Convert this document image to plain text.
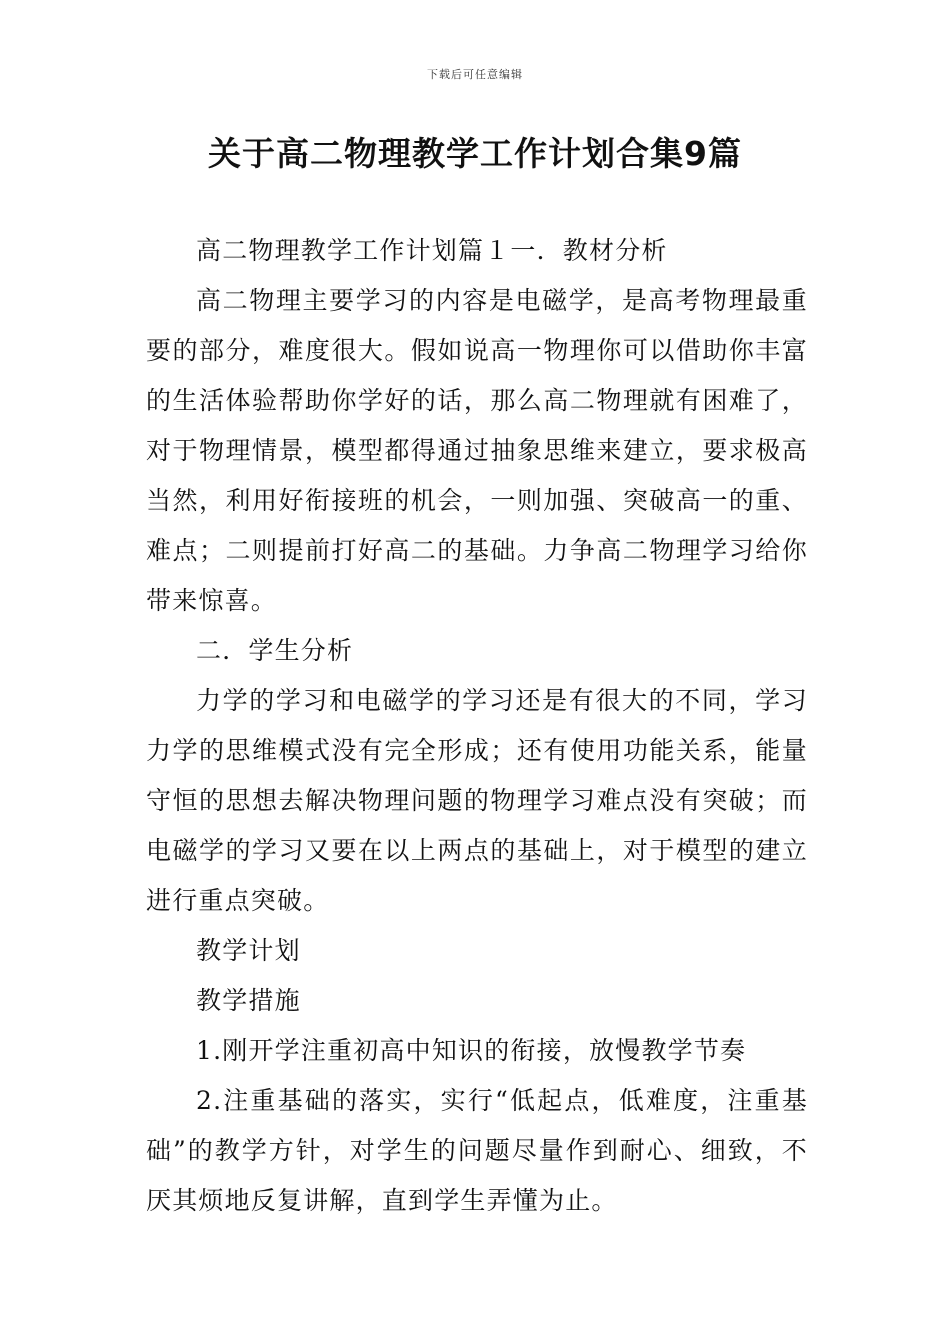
下载后可任意编辑
关于高二物理教学工作计划合集9篇

高二物理教学工作计划篇１一．教材分析

高二物理主要学习的内容是电磁学，是高考物理最重要的部分，难度很大。假如说高一物理你可以借助你丰富的生活体验帮助你学好的话，那么高二物理就有困难了，对于物理情景，模型都得通过抽象思维来建立，要求极高当然，利用好衔接班的机会，一则加强、突破高一的重、难点；二则提前打好高二的基础。力争高二物理学习给你带来惊喜。

二．学生分析

力学的学习和电磁学的学习还是有很大的不同，学习力学的思维模式没有完全形成；还有使用功能关系，能量守恒的思想去解决物理问题的物理学习难点没有突破；而电磁学的学习又要在以上两点的基础上，对于模型的建立进行重点突破。

教学计划

教学措施

1.刚开学注重初高中知识的衔接，放慢教学节奏

2.注重基础的落实，实行“低起点，低难度，注重基础”的教学方针，对学生的问题尽量作到耐心、细致，不厌其烦地反复讲解，直到学生弄懂为止。
